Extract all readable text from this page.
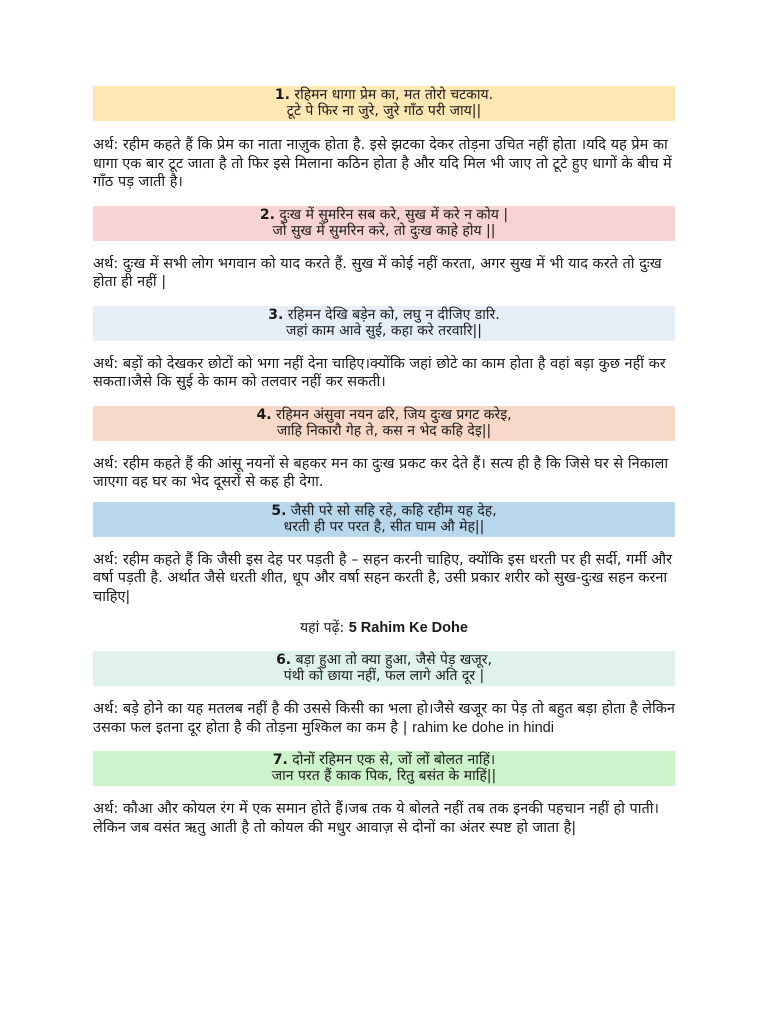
1. रहिमन धागा प्रेम का, मत तोरो चटकाय.
टूटे पे फिर ना जुरे, जुरे गाँठ परी जाय||

अर्थ: रहीम कहते हैं कि प्रेम का नाता नाज़ुक होता है. इसे झटका देकर तोड़ना उचित नहीं होता ।यदि यह प्रेम का धागा एक बार टूट जाता है तो फिर इसे मिलाना कठिन होता है और यदि मिल भी जाए तो टूटे हुए धागों के बीच में गाँठ पड़ जाती है।

2. दुःख में सुमरिन सब करे, सुख में करे न कोय |
जो सुख में सुमरिन करे, तो दुःख काहे होय ||

अर्थ: दुःख में सभी लोग भगवान को याद करते हैं. सुख में कोई नहीं करता, अगर सुख में भी याद करते तो दुःख होता ही नहीं |

3. रहिमन देखि बड़ेन को, लघु न दीजिए डारि.
जहां काम आवे सुई, कहा करे तरवारि||

अर्थ: बड़ों को देखकर छोटों को भगा नहीं देना चाहिए।क्योंकि जहां छोटे का काम होता है वहां बड़ा कुछ नहीं कर सकता।जैसे कि सुई के काम को तलवार नहीं कर सकती।

4. रहिमन अंसुवा नयन ढरि, जिय दुःख प्रगट करेइ,
जाहि निकारौ गेह ते, कस न भेद कहि देइ||

अर्थ: रहीम कहते हैं की आंसू नयनों से बहकर मन का दुःख प्रकट कर देते हैं। सत्य ही है कि जिसे घर से निकाला जाएगा वह घर का भेद दूसरों से कह ही देगा.

5. जैसी परे सो सहि रहे, कहि रहीम यह देह,
धरती ही पर परत है, सीत घाम औ मेह||

अर्थ: रहीम कहते हैं कि जैसी इस देह पर पड़ती है – सहन करनी चाहिए, क्योंकि इस धरती पर ही सर्दी, गर्मी और वर्षा पड़ती है. अर्थात जैसे धरती शीत, धूप और वर्षा सहन करती है, उसी प्रकार शरीर को सुख-दुःख सहन करना चाहिए|

यहां पढ़ें: 5 Rahim Ke Dohe

6. बड़ा हुआ तो क्या हुआ, जैसे पेड़ खजूर,
पंथी को छाया नहीं, फल लागे अति दूर |

अर्थ: बड़े होने का यह मतलब नहीं है की उससे किसी का भला हो।जैसे खजूर का पेड़ तो बहुत बड़ा होता है लेकिन उसका फल इतना दूर होता है की तोड़ना मुश्किल का कम है | rahim ke dohe in hindi

7. दोनों रहिमन एक से, जों लों बोलत नाहिं।
जान परत हैं काक पिक, रितु बसंत के माहिं||

अर्थ: कौआ और कोयल रंग में एक समान होते हैं।जब तक ये बोलते नहीं तब तक इनकी पहचान नहीं हो पाती।लेकिन जब वसंत ऋतु आती है तो कोयल की मधुर आवाज़ से दोनों का अंतर स्पष्ट हो जाता है|
